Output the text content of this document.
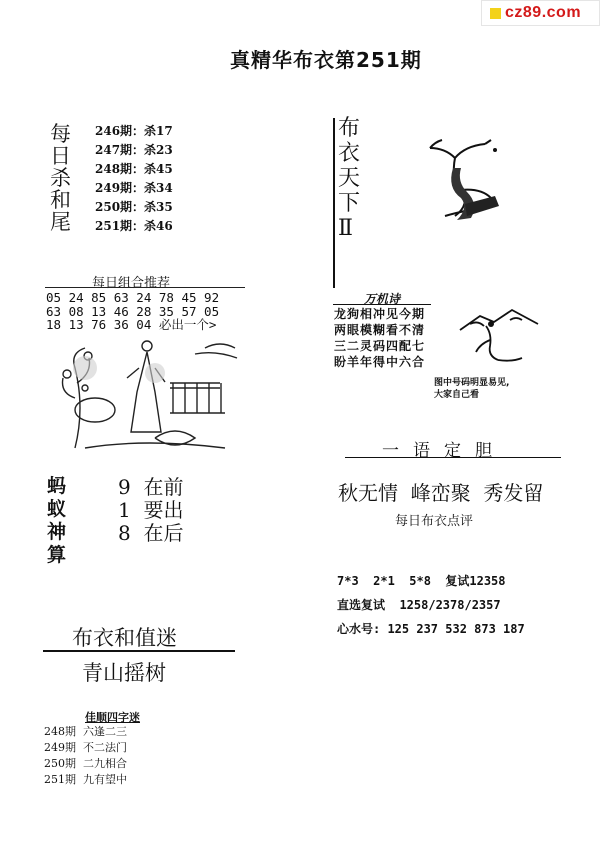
cz89.com
真精华布衣第251期
每
日
杀
和
尾
246期：杀17
247期：杀23
248期：杀45
249期：杀34
250期：杀35
251期：杀46
每日组合推荐
05 24 85 63 24 78 45 92
63 08 13 46 28 35 57 05
18 13 76 36 04 必出一个>
蚂
蚁
神
算
9  在前
1  要出
8  在后
布衣和值迷
青山摇树
佳顺四字迷
248期  六逢二三
249期  不二法门
250期  二九相合
251期  九有望中
布
衣
天
下
Ⅱ
万机诗
龙狗相冲见今期
两眼模糊看不清
三二灵码四配七
盼羊年得中六合
图中号码明显易见,
大家自己看
一语定胆
秋无情  峰峦聚  秀发留
每日布衣点评
7*3  2*1  5*8  复试12358
直选复试  1258/2378/2357
心水号: 125 237 532 873 187
